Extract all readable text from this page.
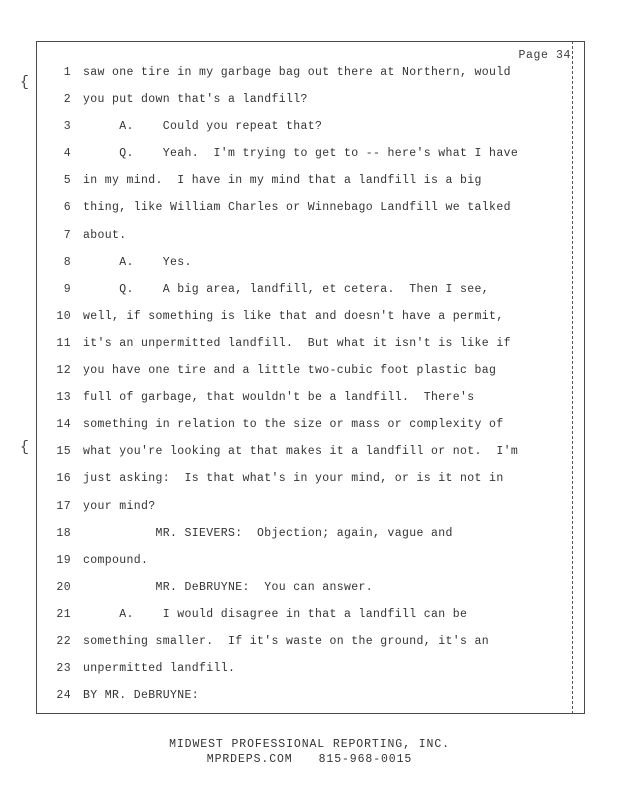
Page 34
{
{
1	saw one tire in my garbage bag out there at Northern, would
2	you put down that's a landfill?
3	A.    Could you repeat that?
4	Q.    Yeah.  I'm trying to get to -- here's what I have
5	in my mind.  I have in my mind that a landfill is a big
6	thing, like William Charles or Winnebago Landfill we talked
7	about.
8	A.    Yes.
9	Q.    A big area, landfill, et cetera.  Then I see,
10	well, if something is like that and doesn't have a permit,
11	it's an unpermitted landfill.  But what it isn't is like if
12	you have one tire and a little two-cubic foot plastic bag
13	full of garbage, that wouldn't be a landfill.  There's
14	something in relation to the size or mass or complexity of
15	what you're looking at that makes it a landfill or not.  I'm
16	just asking:  Is that what's in your mind, or is it not in
17	your mind?
18	MR. SIEVERS:  Objection; again, vague and
19	compound.
20	MR. DeBRUYNE:  You can answer.
21	A.    I would disagree in that a landfill can be
22	something smaller.  If it's waste on the ground, it's an
23	unpermitted landfill.
24	BY MR. DeBRUYNE:
MIDWEST PROFESSIONAL REPORTING, INC.
MPRDEPS.COM 815-968-0015
